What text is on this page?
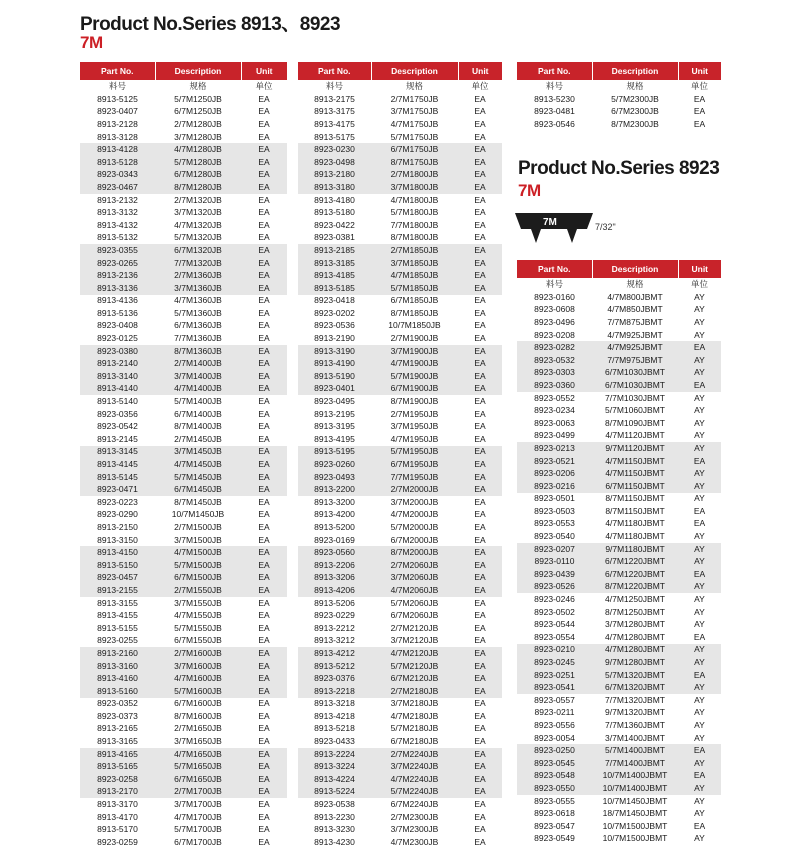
Product No.Series 8913、8923
7M
Product No.Series 8923
7M
7M	7/32"
Part No.	Description	Unit
料号	规格	单位
8913-5125	5/7M1250JB	EA
8923-0407	6/7M1250JB	EA
8913-2128	2/7M1280JB	EA
8913-3128	3/7M1280JB	EA
8913-4128	4/7M1280JB	EA
8913-5128	5/7M1280JB	EA
8923-0343	6/7M1280JB	EA
8923-0467	8/7M1280JB	EA
8913-2132	2/7M1320JB	EA
8913-3132	3/7M1320JB	EA
8913-4132	4/7M1320JB	EA
8913-5132	5/7M1320JB	EA
8923-0355	6/7M1320JB	EA
8923-0265	7/7M1320JB	EA
8913-2136	2/7M1360JB	EA
8913-3136	3/7M1360JB	EA
8913-4136	4/7M1360JB	EA
8913-5136	5/7M1360JB	EA
8923-0408	6/7M1360JB	EA
8923-0125	7/7M1360JB	EA
8923-0380	8/7M1360JB	EA
8913-2140	2/7M1400JB	EA
8913-3140	3/7M1400JB	EA
8913-4140	4/7M1400JB	EA
8913-5140	5/7M1400JB	EA
8923-0356	6/7M1400JB	EA
8923-0542	8/7M1400JB	EA
8913-2145	2/7M1450JB	EA
8913-3145	3/7M1450JB	EA
8913-4145	4/7M1450JB	EA
8913-5145	5/7M1450JB	EA
8923-0471	6/7M1450JB	EA
8923-0223	8/7M1450JB	EA
8923-0290	10/7M1450JB	EA
8913-2150	2/7M1500JB	EA
8913-3150	3/7M1500JB	EA
8913-4150	4/7M1500JB	EA
8913-5150	5/7M1500JB	EA
8923-0457	6/7M1500JB	EA
8913-2155	2/7M1550JB	EA
8913-3155	3/7M1550JB	EA
8913-4155	4/7M1550JB	EA
8913-5155	5/7M1550JB	EA
8923-0255	6/7M1550JB	EA
8913-2160	2/7M1600JB	EA
8913-3160	3/7M1600JB	EA
8913-4160	4/7M1600JB	EA
8913-5160	5/7M1600JB	EA
8923-0352	6/7M1600JB	EA
8923-0373	8/7M1600JB	EA
8913-2165	2/7M1650JB	EA
8913-3165	3/7M1650JB	EA
8913-4165	4/7M1650JB	EA
8913-5165	5/7M1650JB	EA
8923-0258	6/7M1650JB	EA
8913-2170	2/7M1700JB	EA
8913-3170	3/7M1700JB	EA
8913-4170	4/7M1700JB	EA
8913-5170	5/7M1700JB	EA
8923-0259	6/7M1700JB	EA
Part No.	Description	Unit
料号	规格	单位
8913-2175	2/7M1750JB	EA
8913-3175	3/7M1750JB	EA
8913-4175	4/7M1750JB	EA
8913-5175	5/7M1750JB	EA
8923-0230	6/7M1750JB	EA
8923-0498	8/7M1750JB	EA
8913-2180	2/7M1800JB	EA
8913-3180	3/7M1800JB	EA
8913-4180	4/7M1800JB	EA
8913-5180	5/7M1800JB	EA
8923-0422	7/7M1800JB	EA
8923-0381	8/7M1800JB	EA
8913-2185	2/7M1850JB	EA
8913-3185	3/7M1850JB	EA
8913-4185	4/7M1850JB	EA
8913-5185	5/7M1850JB	EA
8923-0418	6/7M1850JB	EA
8923-0202	8/7M1850JB	EA
8923-0536	10/7M1850JB	EA
8913-2190	2/7M1900JB	EA
8913-3190	3/7M1900JB	EA
8913-4190	4/7M1900JB	EA
8913-5190	5/7M1900JB	EA
8923-0401	6/7M1900JB	EA
8923-0495	8/7M1900JB	EA
8913-2195	2/7M1950JB	EA
8913-3195	3/7M1950JB	EA
8913-4195	4/7M1950JB	EA
8913-5195	5/7M1950JB	EA
8923-0260	6/7M1950JB	EA
8923-0493	7/7M1950JB	EA
8913-2200	2/7M2000JB	EA
8913-3200	3/7M2000JB	EA
8913-4200	4/7M2000JB	EA
8913-5200	5/7M2000JB	EA
8923-0169	6/7M2000JB	EA
8923-0560	8/7M2000JB	EA
8913-2206	2/7M2060JB	EA
8913-3206	3/7M2060JB	EA
8913-4206	4/7M2060JB	EA
8913-5206	5/7M2060JB	EA
8923-0229	6/7M2060JB	EA
8913-2212	2/7M2120JB	EA
8913-3212	3/7M2120JB	EA
8913-4212	4/7M2120JB	EA
8913-5212	5/7M2120JB	EA
8923-0376	6/7M2120JB	EA
8913-2218	2/7M2180JB	EA
8913-3218	3/7M2180JB	EA
8913-4218	4/7M2180JB	EA
8913-5218	5/7M2180JB	EA
8923-0433	6/7M2180JB	EA
8913-2224	2/7M2240JB	EA
8913-3224	3/7M2240JB	EA
8913-4224	4/7M2240JB	EA
8913-5224	5/7M2240JB	EA
8923-0538	6/7M2240JB	EA
8913-2230	2/7M2300JB	EA
8913-3230	3/7M2300JB	EA
8913-4230	4/7M2300JB	EA
Part No.	Description	Unit
料号	规格	单位
8913-5230	5/7M2300JB	EA
8923-0481	6/7M2300JB	EA
8923-0546	8/7M2300JB	EA
Part No.	Description	Unit
料号	规格	单位
8923-0160	4/7M800JBMT	AY
8923-0608	4/7M850JBMT	AY
8923-0496	7/7M875JBMT	AY
8923-0208	4/7M925JBMT	AY
8923-0282	4/7M925JBMT	EA
8923-0532	7/7M975JBMT	AY
8923-0303	6/7M1030JBMT	AY
8923-0360	6/7M1030JBMT	EA
8923-0552	7/7M1030JBMT	AY
8923-0234	5/7M1060JBMT	AY
8923-0063	8/7M1090JBMT	AY
8923-0499	4/7M1120JBMT	AY
8923-0213	9/7M1120JBMT	AY
8923-0521	4/7M1150JBMT	EA
8923-0206	4/7M1150JBMT	AY
8923-0216	6/7M1150JBMT	AY
8923-0501	8/7M1150JBMT	AY
8923-0503	8/7M1150JBMT	EA
8923-0553	4/7M1180JBMT	EA
8923-0540	4/7M1180JBMT	AY
8923-0207	9/7M1180JBMT	AY
8923-0110	6/7M1220JBMT	AY
8923-0439	6/7M1220JBMT	EA
8923-0526	8/7M1220JBMT	AY
8923-0246	4/7M1250JBMT	AY
8923-0502	8/7M1250JBMT	AY
8923-0544	3/7M1280JBMT	AY
8923-0554	4/7M1280JBMT	EA
8923-0210	4/7M1280JBMT	AY
8923-0245	9/7M1280JBMT	AY
8923-0251	5/7M1320JBMT	EA
8923-0541	6/7M1320JBMT	AY
8923-0557	7/7M1320JBMT	AY
8923-0211	9/7M1320JBMT	AY
8923-0556	7/7M1360JBMT	AY
8923-0054	3/7M1400JBMT	AY
8923-0250	5/7M1400JBMT	EA
8923-0545	7/7M1400JBMT	AY
8923-0548	10/7M1400JBMT	EA
8923-0550	10/7M1400JBMT	AY
8923-0555	10/7M1450JBMT	AY
8923-0618	18/7M1450JBMT	AY
8923-0547	10/7M1500JBMT	EA
8923-0549	10/7M1500JBMT	AY
